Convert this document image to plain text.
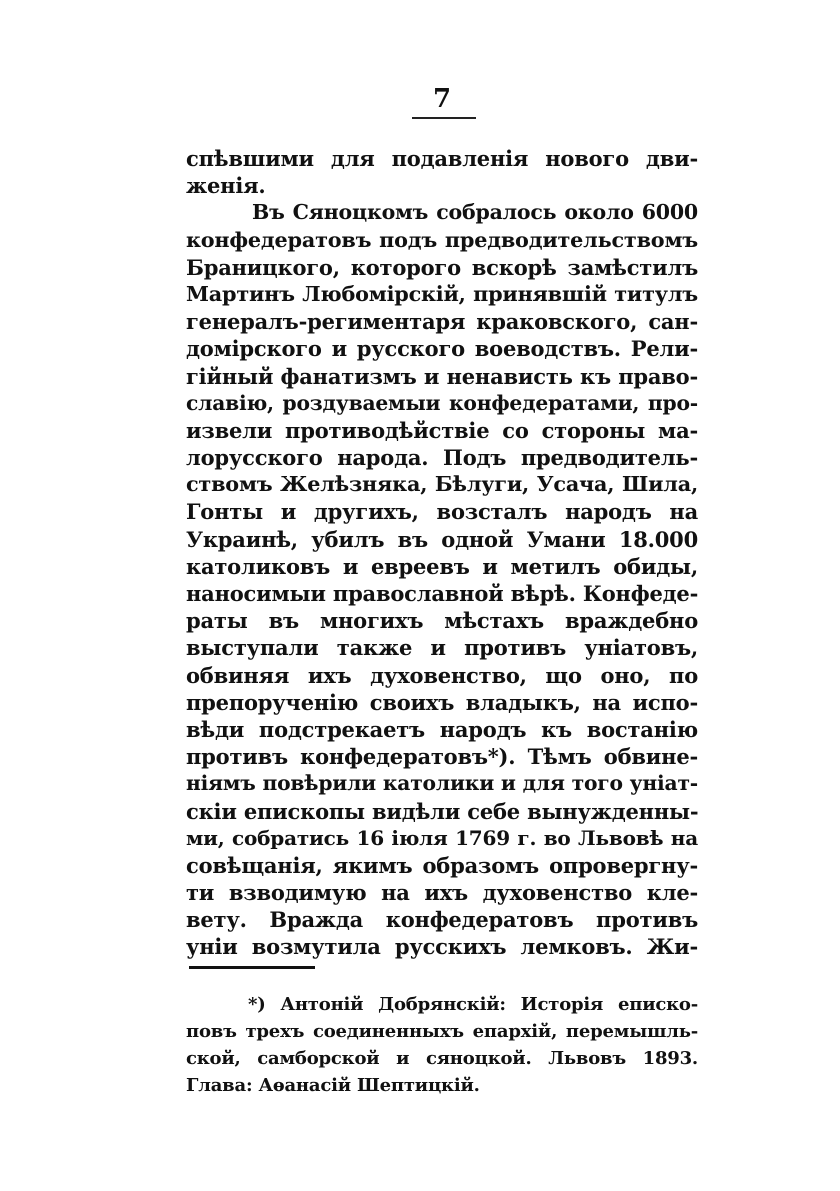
7
спѣвшими для подавленія нового дви-
женія.
Въ Сяноцкомъ собралось около 6000
конфедератовъ подъ предводительствомъ
Браницкого, которого вскорѣ замѣстилъ
Мартинъ Любомірскій, принявшій титулъ
генералъ-региментаря краковского, сан-
домірского и русского воеводствъ. Рели-
гійный фанатизмъ и ненависть къ право-
славію, роздуваемыи конфедератами, про-
извели противодѣйствіе со стороны ма-
лорусского народа. Подъ предводитель-
ствомъ Желѣзняка, Бѣлуги, Усача, Шила,
Гонты и другихъ, возсталъ народъ на
Украинѣ, убилъ въ одной Умани 18.000
католиковъ и евреевъ и метилъ обиды,
наносимыи православной вѣрѣ. Конфеде-
раты въ многихъ мѣстахъ враждебно
выступали также и противъ уніатовъ,
обвиняя ихъ духовенство, що оно, по
препорученію своихъ владыкъ, на испо-
вѣди подстрекаетъ народъ къ востанію
противъ конфедератовъ*). Тѣмъ обвине-
ніямъ повѣрили католики и для того уніат-
скіи епископы видѣли себе вынужденны-
ми, собратись 16 іюля 1769 г. во Львовѣ на
совѣщанія, якимъ образомъ опровергну-
ти взводимую на ихъ духовенство кле-
вету. Вражда конфедератовъ противъ
уніи возмутила русскихъ лемковъ. Жи-
*) Антоній Добрянскій: Исторія еписко-
повъ трехъ соединенныхъ епархій, перемышль-
ской, самборской и сяноцкой. Львовъ 1893.
Глава: Аѳанасій Шептицкій.
